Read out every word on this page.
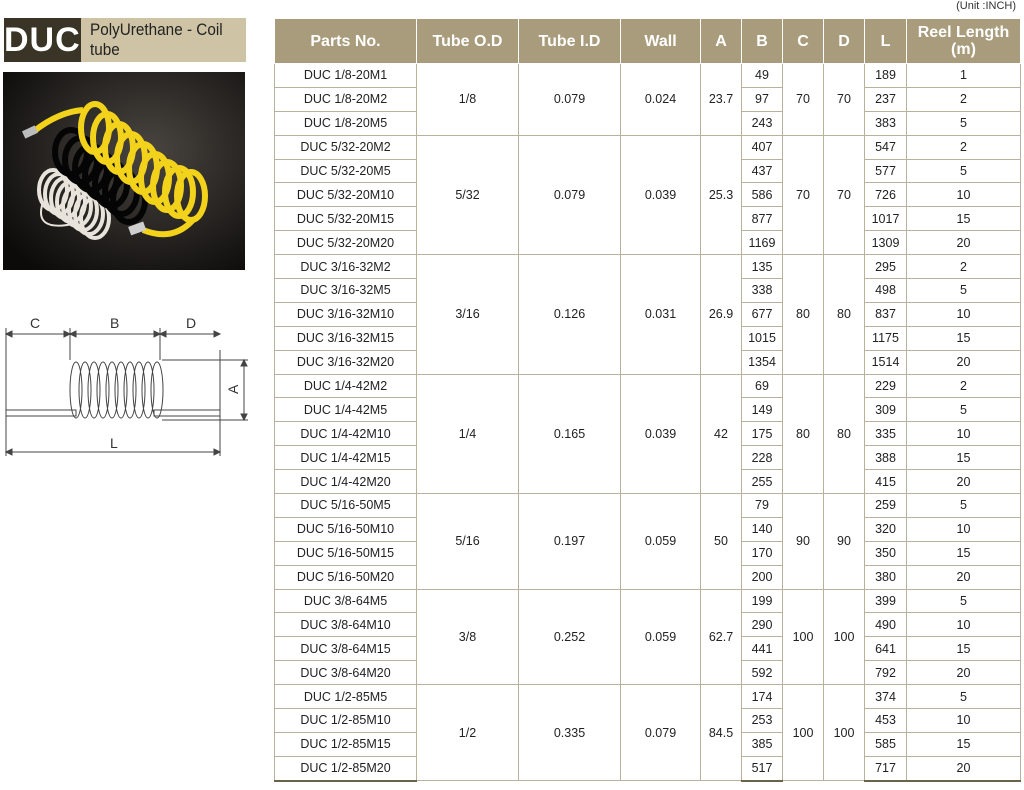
DUC PolyUrethane - Coil tube
C	B	D
L
A
(Unit :INCH)
Parts No.	Tube O.D	Tube I.D	Wall	A	B	C	D	L	Reel Length (m)
DUC 1/8-20M1	1/8	0.079	0.024	23.7	49	70	70	189	1
DUC 1/8-20M2					97			237	2
DUC 1/8-20M5					243			383	5
DUC 5/32-20M2	5/32	0.079	0.039	25.3	407	70	70	547	2
DUC 5/32-20M5					437			577	5
DUC 5/32-20M10					586			726	10
DUC 5/32-20M15					877			1017	15
DUC 5/32-20M20					1169			1309	20
DUC 3/16-32M2	3/16	0.126	0.031	26.9	135	80	80	295	2
DUC 3/16-32M5					338			498	5
DUC 3/16-32M10					677			837	10
DUC 3/16-32M15					1015			1175	15
DUC 3/16-32M20					1354			1514	20
DUC 1/4-42M2	1/4	0.165	0.039	42	69	80	80	229	2
DUC 1/4-42M5					149			309	5
DUC 1/4-42M10					175			335	10
DUC 1/4-42M15					228			388	15
DUC 1/4-42M20					255			415	20
DUC 5/16-50M5	5/16	0.197	0.059	50	79	90	90	259	5
DUC 5/16-50M10					140			320	10
DUC 5/16-50M15					170			350	15
DUC 5/16-50M20					200			380	20
DUC 3/8-64M5	3/8	0.252	0.059	62.7	199	100	100	399	5
DUC 3/8-64M10					290			490	10
DUC 3/8-64M15					441			641	15
DUC 3/8-64M20					592			792	20
DUC 1/2-85M5	1/2	0.335	0.079	84.5	174	100	100	374	5
DUC 1/2-85M10					253			453	10
DUC 1/2-85M15					385			585	15
DUC 1/2-85M20					517			717	20
